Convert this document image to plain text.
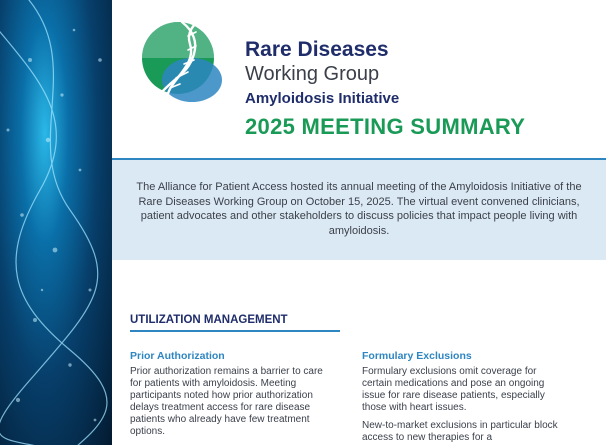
Rare Diseases
Working Group
Amyloidosis Initiative
2025 MEETING SUMMARY
The Alliance for Patient Access hosted its annual meeting of the Amyloidosis Initiative of the Rare Diseases Working Group on October 15, 2025. The virtual event convened clinicians, patient advocates and other stakeholders to discuss policies that impact people living with amyloidosis.
UTILIZATION MANAGEMENT
Prior Authorization

Prior authorization remains a barrier to care for patients with amyloidosis. Meeting participants noted how prior authorization delays treatment access for rare disease patients who already have few treatment options.

Formulary Exclusions

Formulary exclusions omit coverage for certain medications and pose an ongoing issue for rare disease patients, especially those with heart issues.

New-to-market exclusions in particular block access to new therapies for a
